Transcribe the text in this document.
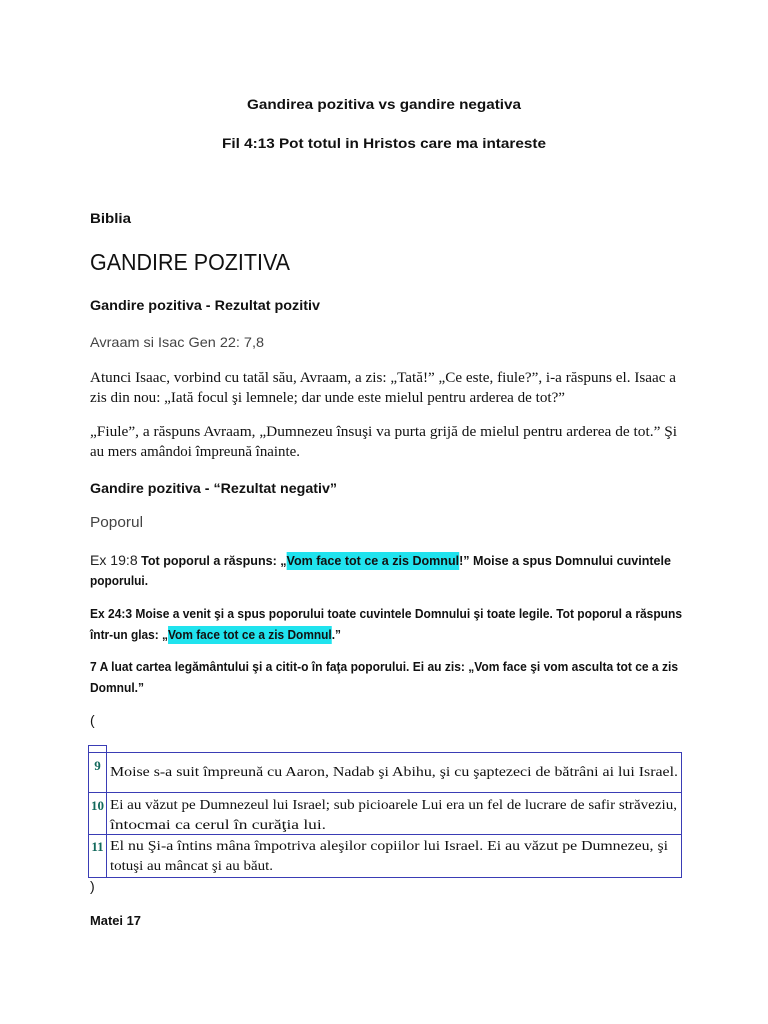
Gandirea pozitiva vs gandire negativa
Fil 4:13 Pot totul in Hristos care ma intareste
Biblia
GANDIRE POZITIVA
Gandire pozitiva - Rezultat pozitiv
Avraam si Isac Gen 22: 7,8
Atunci Isaac, vorbind cu tatăl său, Avraam, a zis: „Tată!” „Ce este, fiule?”, i-a răspuns el. Isaac a
zis din nou: „Iată focul şi lemnele; dar unde este mielul pentru arderea de tot?”
„Fiule”, a răspuns Avraam, „Dumnezeu însuşi va purta grijă de mielul pentru arderea de tot.” Şi
au mers amândoi împreună înainte.
Gandire pozitiva - “Rezultat negativ”
Poporul
Ex 19:8 Tot poporul a răspuns: „Vom face tot ce a zis Domnul!” Moise a spus Domnului cuvintele
poporului.
Ex 24:3 Moise a venit şi a spus poporului toate cuvintele Domnului şi toate legile. Tot poporul a răspuns
într-un glas: „Vom face tot ce a zis Domnul.”
7 A luat cartea legământului şi a citit-o în faţa poporului. Ei au zis: „Vom face şi vom asculta tot ce a zis
Domnul.”
(
9 Moise s-a suit împreună cu Aaron, Nadab şi Abihu, şi cu şaptezeci de bătrâni ai lui Israel.
10 Ei au văzut pe Dumnezeul lui Israel; sub picioarele Lui era un fel de lucrare de safir străveziu,
întocmai ca cerul în curăţia lui.
11 El nu Şi-a întins mâna împotriva aleşilor copiilor lui Israel. Ei au văzut pe Dumnezeu, şi
totuşi au mâncat şi au băut.
)
Matei 17
